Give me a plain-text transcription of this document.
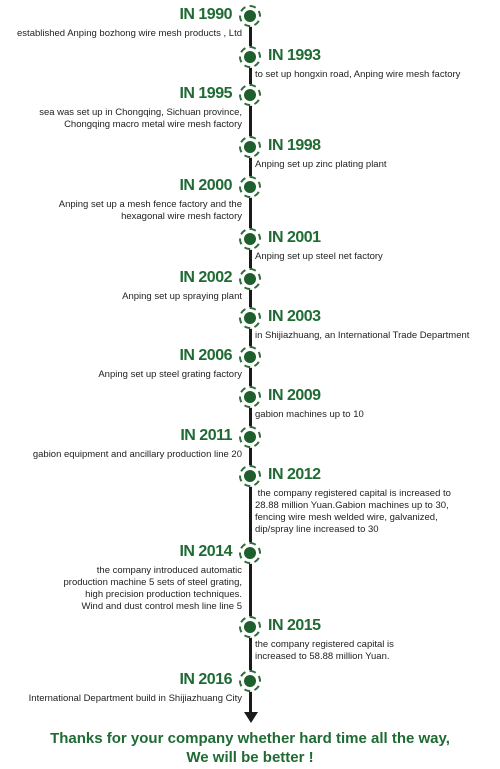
IN 1990
established Anping bozhong wire mesh products , Ltd
IN 1993
to set up hongxin road, Anping wire mesh factory
IN 1995
sea was set up in Chongqing, Sichuan province,
Chongqing macro metal wire mesh factory
IN 1998
Anping set up zinc plating plant
IN 2000
Anping set up a mesh fence factory and the
hexagonal wire mesh factory
IN 2001
Anping set up steel net factory
IN 2002
Anping set up spraying plant
IN 2003
in Shijiazhuang, an International Trade Department
IN 2006
Anping set up steel grating factory
IN 2009
gabion machines up to 10
IN 2011
gabion equipment and ancillary production line 20
IN 2012
the company registered capital is increased to
28.88 million Yuan.Gabion machines up to 30,
fencing wire mesh welded wire, galvanized,
dip/spray line increased to 30
IN 2014
the company introduced automatic
production machine 5 sets of steel grating,
high precision production techniques.
Wind and dust control mesh line line 5
IN 2015
the company registered capital is
increased to 58.88 million Yuan.
IN 2016
International Department build in Shijiazhuang City
Thanks for your company whether hard time all the way,
We will be better !
